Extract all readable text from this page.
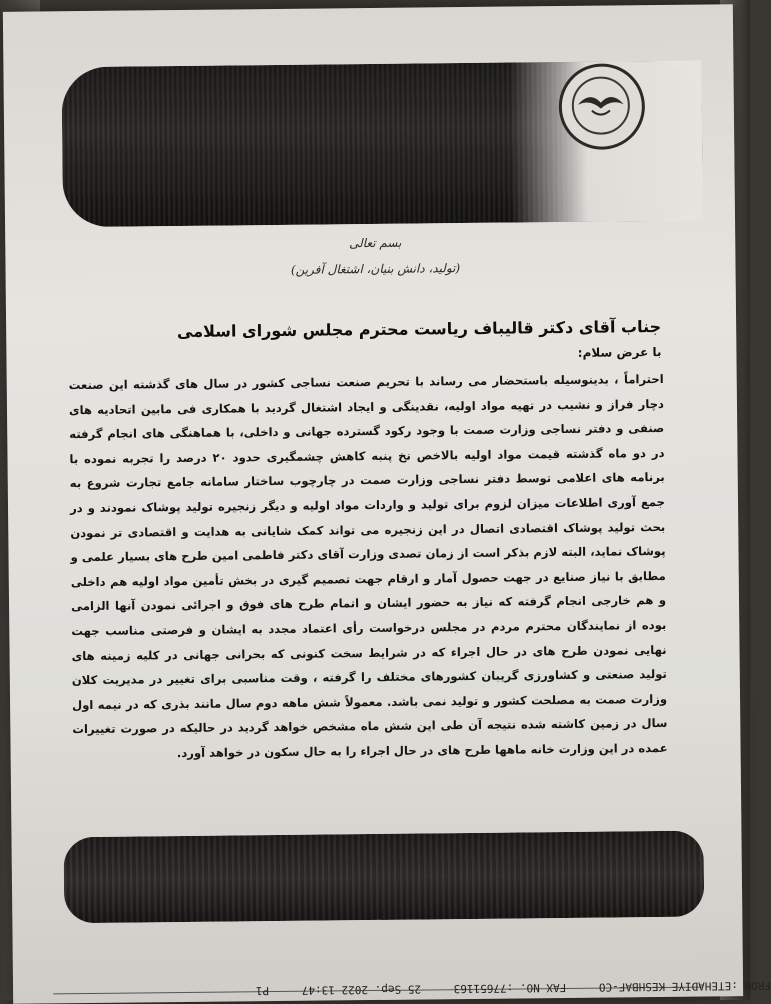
بسم تعالی
(تولید، دانش بنیان، اشتغال آفرین)
جناب آقای دکتر قالیباف ریاست محترم مجلس شورای اسلامی
با عرض سلام:
احتراماً ، بدینوسیله باستحضار می رساند با تحریم صنعت نساجی کشور در سال های گذشته این صنعت دچار فراز و نشیب در تهیه مواد اولیه، نقدینگی و ایجاد اشتغال گردید با همکاری فی مابین اتحادیه های صنفی و دفتر نساجی وزارت صمت با وجود رکود گسترده جهانی و داخلی، با هماهنگی های انجام گرفته در دو ماه گذشته قیمت مواد اولیه بالاخص نخ پنبه کاهش چشمگیری حدود ۲۰ درصد را تجربه نموده با برنامه های اعلامی توسط دفتر نساجی وزارت صمت در چارچوب ساختار سامانه جامع تجارت شروع به جمع آوری اطلاعات میزان لزوم برای تولید و واردات مواد اولیه و دیگر زنجیره تولید پوشاک نمودند و در بحث تولید پوشاک اقتصادی اتصال در این زنجیره می تواند کمک شایانی به هدایت و اقتصادی تر نمودن پوشاک نماید، البته لازم بذکر است از زمان تصدی وزارت آقای دکتر فاطمی امین طرح های بسیار علمی و مطابق با نیاز صنایع در جهت حصول آمار و ارقام جهت تصمیم گیری در بخش تأمین مواد اولیه هم داخلی و هم خارجی انجام گرفته که نیاز به حضور ایشان و اتمام طرح های فوق و اجرائی نمودن آنها الزامی بوده از نمایندگان محترم مردم در مجلس درخواست رأی اعتماد مجدد به ایشان و فرصتی مناسب جهت نهایی نمودن طرح های در حال اجراء که در شرایط سخت کنونی که بحرانی جهانی در کلیه زمینه های تولید صنعتی و کشاورزی گریبان کشورهای مختلف را گرفته ، وقت مناسبی برای تغییر در مدیریت کلان وزارت صمت به مصلحت کشور و تولید نمی باشد. معمولاً شش ماهه دوم سال مانند بذری که در نیمه اول سال در زمین کاشته شده نتیجه آن طی این شش ماه مشخص خواهد گردید در حالیکه در صورت تغییرات عمده در این وزارت خانه ماهها طرح های در حال اجراء را به حال سکون در خواهد آورد.
FROM :ETEHADIYE KESHBAF-CO FAX NO. :77651163 25 Sep. 2022 13:47 P1
